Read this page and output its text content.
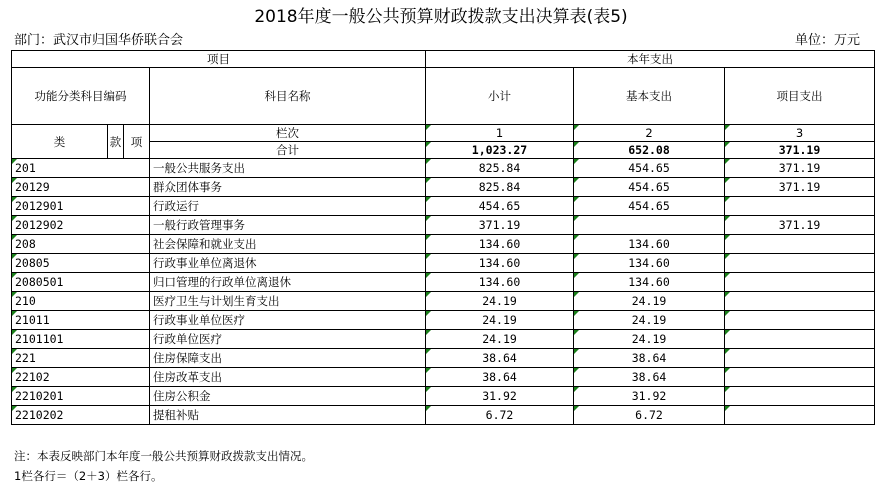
2018年度一般公共预算财政拨款支出决算表(表5)
部门：武汉市归国华侨联合会	单位：万元
项目				本年支出		
功能分类科目编码			科目名称	小计	基本支出	项目支出
类	款	项	栏次	1	2	3
			合计	1,023.27	652.08	371.19
201			一般公共服务支出	825.84	454.65	371.19
20129			群众团体事务	825.84	454.65	371.19
2012901			行政运行	454.65	454.65	
2012902			一般行政管理事务	371.19		371.19
208			社会保障和就业支出	134.60	134.60	
20805			行政事业单位离退休	134.60	134.60	
2080501			归口管理的行政单位离退休	134.60	134.60	
210			医疗卫生与计划生育支出	24.19	24.19	
21011			行政事业单位医疗	24.19	24.19	
2101101			行政单位医疗	24.19	24.19	
221			住房保障支出	38.64	38.64	
22102			住房改革支出	38.64	38.64	
2210201			住房公积金	31.92	31.92	
2210202			提租补贴	6.72	6.72	
注：本表反映部门本年度一般公共预算财政拨款支出情况。
1栏各行＝（2＋3）栏各行。
